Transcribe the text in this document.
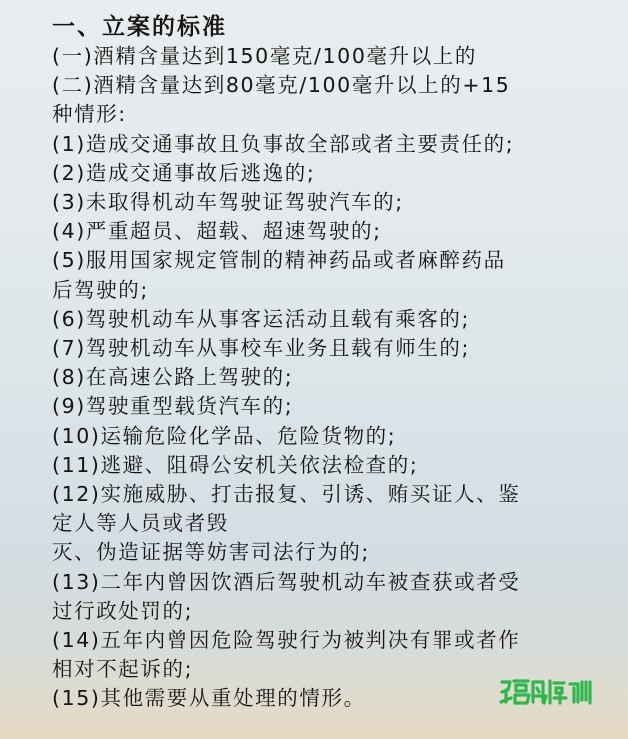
一、立案的标准
(一)酒精含量达到150毫克/100毫升以上的
(二)酒精含量达到80毫克/100毫升以上的+15
种情形:
(1)造成交通事故且负事故全部或者主要责任的;
(2)造成交通事故后逃逸的;
(3)未取得机动车驾驶证驾驶汽车的;
(4)严重超员、超载、超速驾驶的;
(5)服用国家规定管制的精神药品或者麻醉药品
后驾驶的;
(6)驾驶机动车从事客运活动且载有乘客的;
(7)驾驶机动车从事校车业务且载有师生的;
(8)在高速公路上驾驶的;
(9)驾驶重型载货汽车的;
(10)运输危险化学品、危险货物的;
(11)逃避、阻碍公安机关依法检查的;
(12)实施威胁、打击报复、引诱、贿买证人、鉴
定人等人员或者毁
灭、伪造证据等妨害司法行为的;
(13)二年内曾因饮酒后驾驶机动车被查获或者受
过行政处罚的;
(14)五年内曾因危险驾驶行为被判决有罪或者作
相对不起诉的;
(15)其他需要从重处理的情形。
